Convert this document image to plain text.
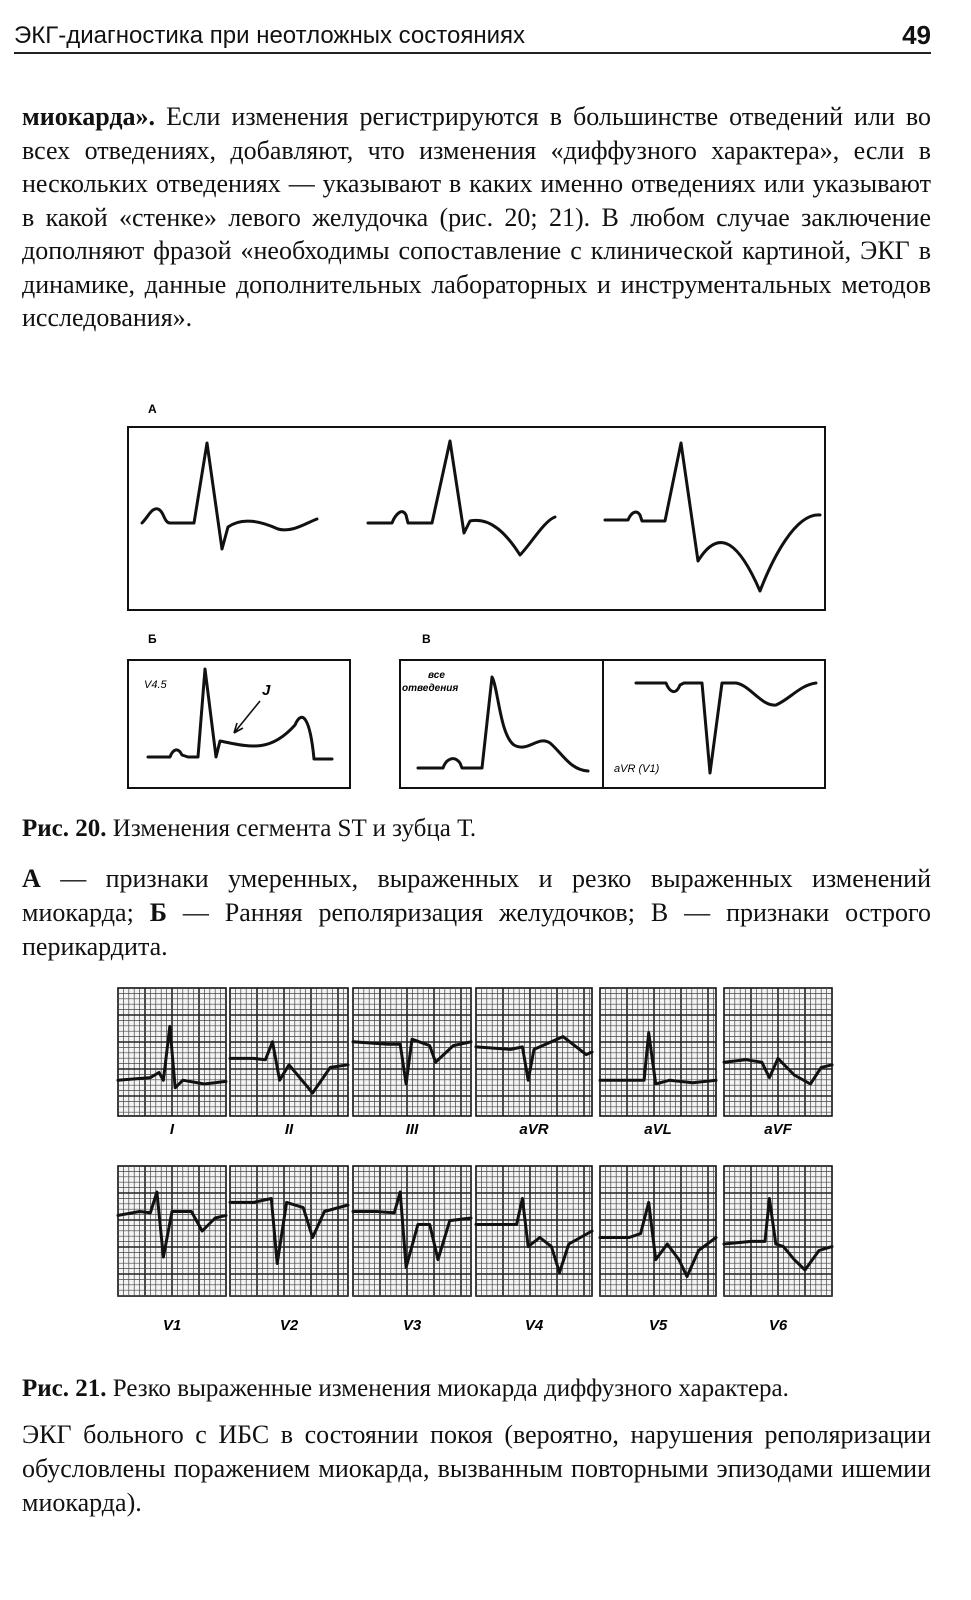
ЭКГ-диагностика при неотложных состояниях	49
миокарда». Если изменения регистрируются в большинстве отведений или во всех отведениях, добавляют, что изменения «диффузного характера», если в нескольких отведениях — указывают в каких именно отведениях или указывают в какой «стенке» левого желудочка (рис. 20; 21). В любом случае заключение дополняют фразой «необходимы сопоставление с клинической картиной, ЭКГ в динамике, данные дополнительных лабораторных и инструментальных методов исследования».
А
Б
V4.5	J
В
все
отведения
aVR (V1)
Рис. 20. Изменения сегмента ST и зубца Т.
А — признаки умеренных, выраженных и резко выраженных изменений миокарда; Б — Ранняя реполяризация желудочков; В — признаки острого перикардита.
I	II	III	aVR	aVL	aVF
V1	V2	V3	V4	V5	V6
Рис. 21. Резко выраженные изменения миокарда диффузного характера.
ЭКГ больного с ИБС в состоянии покоя (вероятно, нарушения реполяризации обусловлены поражением миокарда, вызванным повторными эпизодами ишемии миокарда).
